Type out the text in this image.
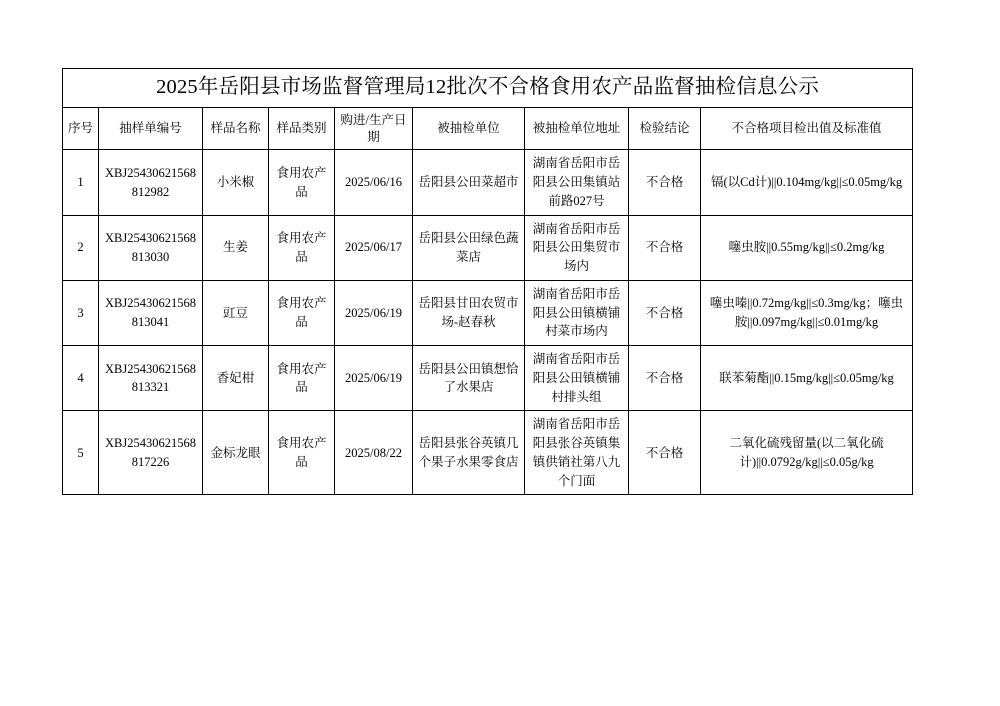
2025年岳阳县市场监督管理局12批次不合格食用农产品监督抽检信息公示								
序号	抽样单编号	样品名称	样品类别	购进/生产日期	被抽检单位	被抽检单位地址	检验结论	不合格项目检出值及标准值
1	XBJ25430621568812982	小米椒	食用农产品	2025/06/16	岳阳县公田菜超市	湖南省岳阳市岳阳县公田集镇站前路027号	不合格	镉(以Cd计)||0.104mg/kg||≤0.05mg/kg
2	XBJ25430621568813030	生姜	食用农产品	2025/06/17	岳阳县公田绿色蔬菜店	湖南省岳阳市岳阳县公田集贸市场内	不合格	噻虫胺||0.55mg/kg||≤0.2mg/kg
3	XBJ25430621568813041	豇豆	食用农产品	2025/06/19	岳阳县甘田农贸市场-赵春秋	湖南省岳阳市岳阳县公田镇横铺村菜市场内	不合格	噻虫嗪||0.72mg/kg||≤0.3mg/kg；噻虫胺||0.097mg/kg||≤0.01mg/kg
4	XBJ25430621568813321	香妃柑	食用农产品	2025/06/19	岳阳县公田镇想恰了水果店	湖南省岳阳市岳阳县公田镇横铺村排头组	不合格	联苯菊酯||0.15mg/kg||≤0.05mg/kg
5	XBJ25430621568817226	金标龙眼	食用农产品	2025/08/22	岳阳县张谷英镇几个果子水果零食店	湖南省岳阳市岳阳县张谷英镇集镇供销社第八九个门面	不合格	二氧化硫残留量(以二氧化硫计)||0.0792g/kg||≤0.05g/kg
